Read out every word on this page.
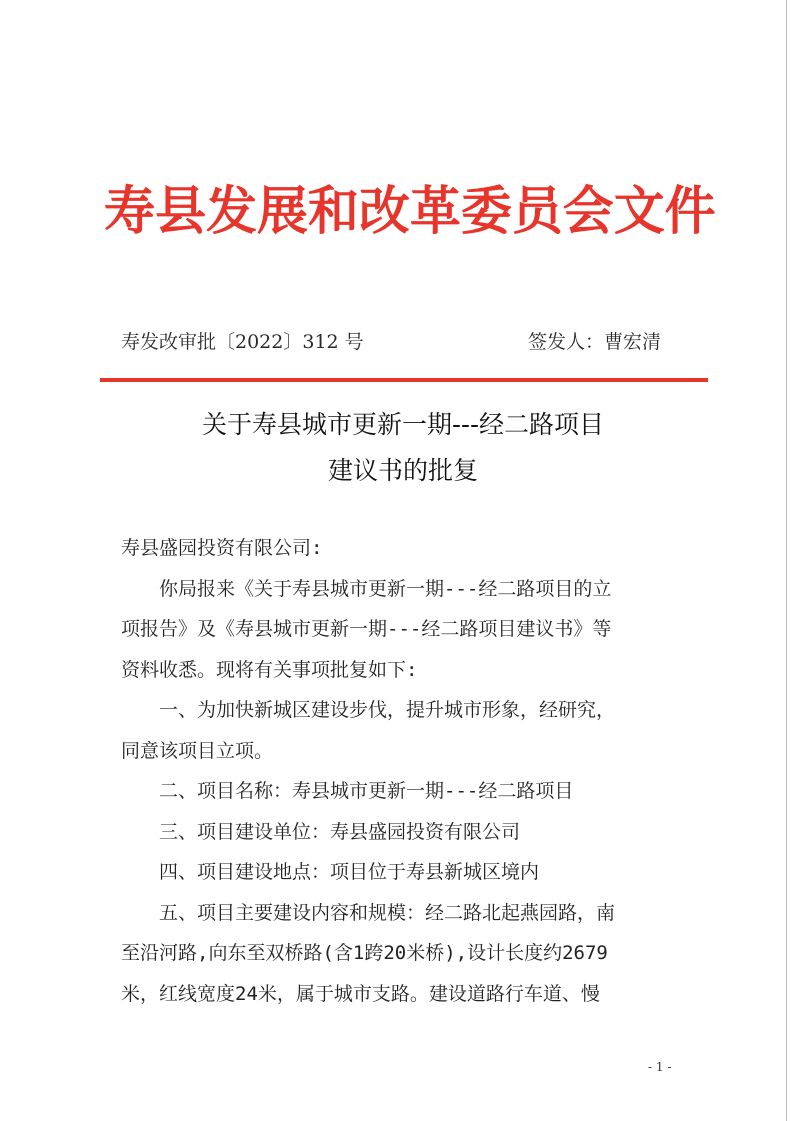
寿县发展和改革委员会文件
寿发改审批〔2022〕312 号	签发人：曹宏清
关于寿县城市更新一期---经二路项目
建议书的批复

寿县盛园投资有限公司:

你局报来《关于寿县城市更新一期---经二路项目的立

项报告》及《寿县城市更新一期---经二路项目建议书》等

资料收悉。现将有关事项批复如下:

一、为加快新城区建设步伐，提升城市形象，经研究，

同意该项目立项。

二、项目名称：寿县城市更新一期---经二路项目

三、项目建设单位：寿县盛园投资有限公司

四、项目建设地点：项目位于寿县新城区境内

五、项目主要建设内容和规模：经二路北起燕园路，南

至沿河路,向东至双桥路(含1跨20米桥),设计长度约2679

米，红线宽度24米，属于城市支路。建设道路行车道、慢

- 1 -
